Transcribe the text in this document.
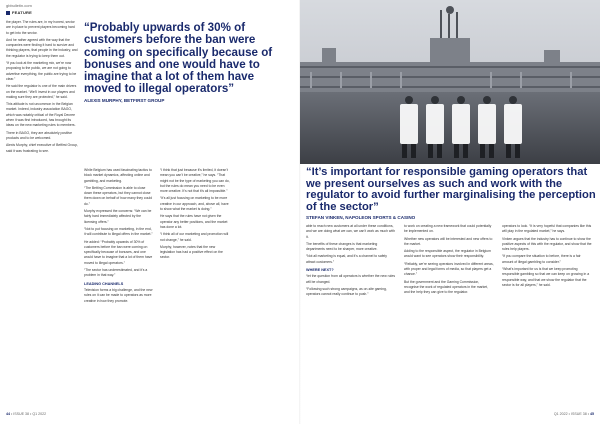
gbbulletin.com
FEATURE

the player. The rules are, in my honest, sector are in place to prevent players becoming hard to get into the sector.

And he rather agreed with the way that the companies were finding it hard to survive and thinking players, that people in the industry, and the regulator is trying to keep them out.

“If you look at the marketing mix, we’re now proposing to the public, we are not going to advertise everything, the public are trying to be clear.”

He said the regulator is one of the main drivers on the market. “We’ll invest in our players and making sure they are protected,” he said.

This attitude is not uncommon in the Belgian market. Indeed, industry association BAGO, which was notably critical of the Royal Decree when it was first introduced, has brought its ideas on the new marketing rules to members.

There in BAGO, they are absolutely positive products and to be welcomed.

Alexis Murphy, chief executive of Betfirst Group, said it was frustrating to see.

“Probably upwards of 30% of customers before the ban were coming on specifically because of bonuses and one would have to imagine that a lot of them have moved to illegal operators”

ALEXIS MURPHY, BETFIRST GROUP

While Belgium has used fascinating tactics to block market dynamics, affecting online and gambling, and marketing.

“The Betting Commission is able to close down these operators, but they cannot close them down on behalf of how many they could do.”

Murphy expressed the concerns: “We can be fairly hard immediately affected by the licensing offers.”

“Not to put focusing on marketing, in the end, it will contribute to illegal offers in the market.”

He added: “Probably upwards of 30% of customers before the ban were coming on specifically because of bonuses, and one would have to imagine that a lot of them have moved to illegal operators.”

“The sector has underestimated, and it’s a problem in that way.”

LEADING CHANNELS

Television forms a big challenge, and the new rules on it can be made to operators as more creative in how they promote.

“I think that just because it’s limited, it doesn’t mean you can’t be creative,” he says. “That might not be the type of marketing you can do, but the rules do mean you need to be even more creative. It’s not that it’s all impossible.”

“It’s all just focusing on marketing to be more creative in our approach, and, above all, have to show what the market is doing.”

He says that the rules have not given the operator any better positions, and the market has done a lot.

“I think all of our marketing and promotion will not change,” he said.

Murphy, however, notes that the new legislation has had a positive effect on the sector.

44 • ISSUE 38 • Q1 2022

“It’s important for responsible gaming operators that we present ourselves as such and work with the regulator to avoid further marginalising the perception of the sector”

STEFAN VINKEN, NAPOLEON SPORTS & CASINO

able to reach new customers at all under these conditions, and we are doing what we can, we can’t work as much with it.

The benefits of these changes is that marketing departments need to be sharper, more creative.

“Not all marketing is equal, and it’s a channel to safely attract customers.”

WHERE NEXT?

Yet the question from all operators is whether the new rules will be changed.

“Following such strong campaigns, as on-site gaming, operators cannot really continue to push.”

to work on creating a new framework that could potentially be implemented on.

Whether new operators will be interested and new offers to the market.

Adding to the responsible aspect, the regulator in Belgium would want to see operators show their responsibility.

“Reliably, we’re seeing operators involved in different areas, with proper and legal forms of media, so that players get a chance.”

But the government and the Gaming Commission, recognise the work of regulated operators in the market, and the help they can give to the regulator.

operators to look. “It is very hopeful that companies like this will play in the regulated market,” he says.

Vinken argues that the industry has to continue to show the positive aspects of this with the regulator, and show that the rules help players.

“If you compare the situation to before, there is a fair amount of illegal gambling to consider.”

“What’s important for us is that we keep promoting responsible gambling so that we can keep on growing in a responsible way, and that we show the regulator that the sector is for all players,” he said.

Q1 2022 • ISSUE 38 • 45
